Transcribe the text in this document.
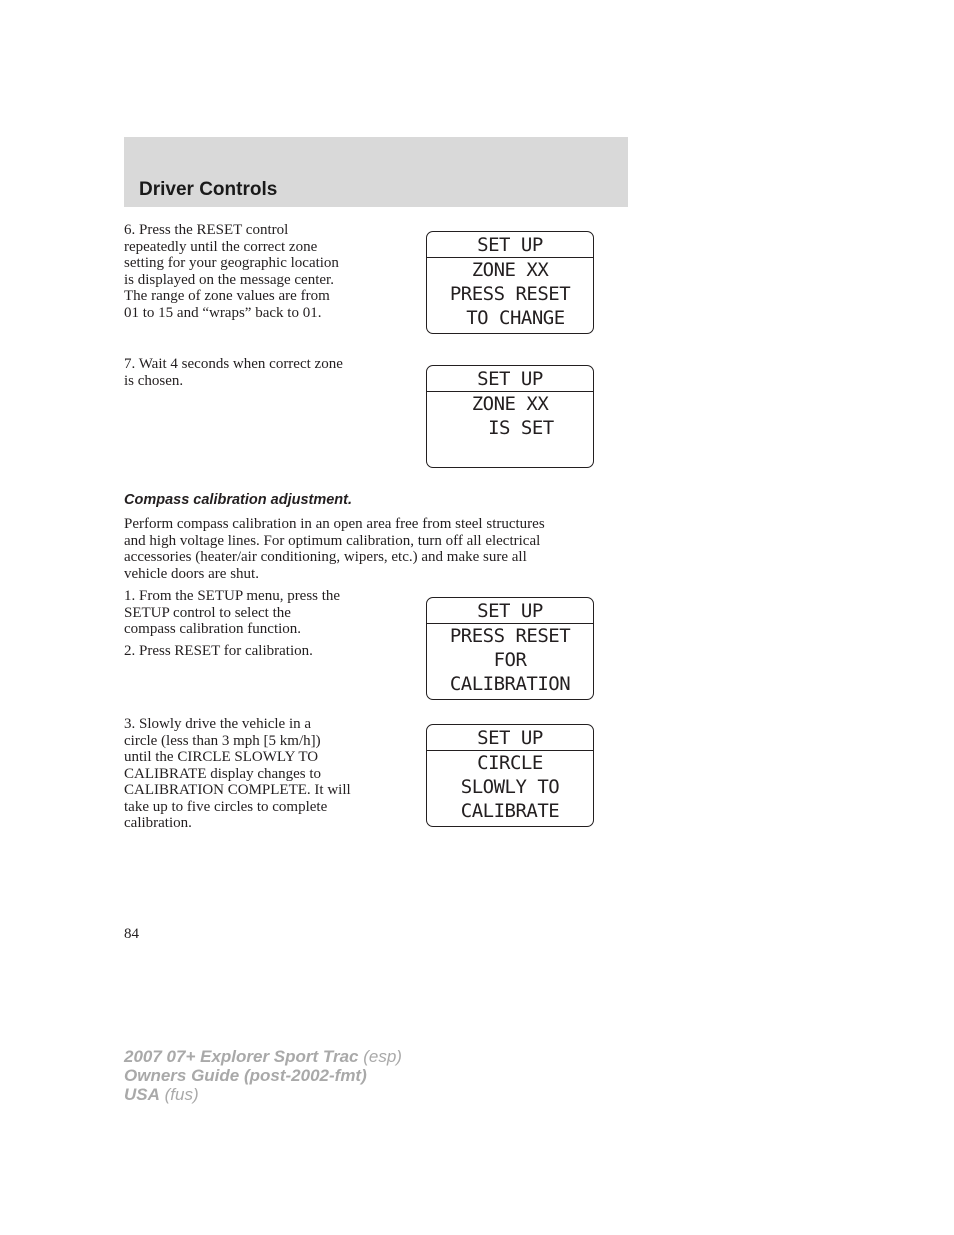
Driver Controls
6. Press the RESET control
repeatedly until the correct zone
setting for your geographic location
is displayed on the message center.
The range of zone values are from
01 to 15 and “wraps” back to 01.
SET UP
ZONE XX
PRESS RESET
TO CHANGE
7. Wait 4 seconds when correct zone
is chosen.	SET UP
ZONE XX
IS SET
Compass calibration adjustment.
Perform compass calibration in an open area free from steel structures
and high voltage lines. For optimum calibration, turn off all electrical
accessories (heater/air conditioning, wipers, etc.) and make sure all
vehicle doors are shut.
1. From the SETUP menu, press the
SETUP control to select the
compass calibration function.
2. Press RESET for calibration.
SET UP
PRESS RESET
FOR
CALIBRATION
3. Slowly drive the vehicle in a
circle (less than 3 mph [5 km/h])
until the CIRCLE SLOWLY TO
CALIBRATE display changes to
CALIBRATION COMPLETE. It will
take up to five circles to complete
calibration.
SET UP
CIRCLE
SLOWLY TO
CALIBRATE

84

2007 07+ Explorer Sport Trac (esp)
Owners Guide (post-2002-fmt)
USA (fus)
